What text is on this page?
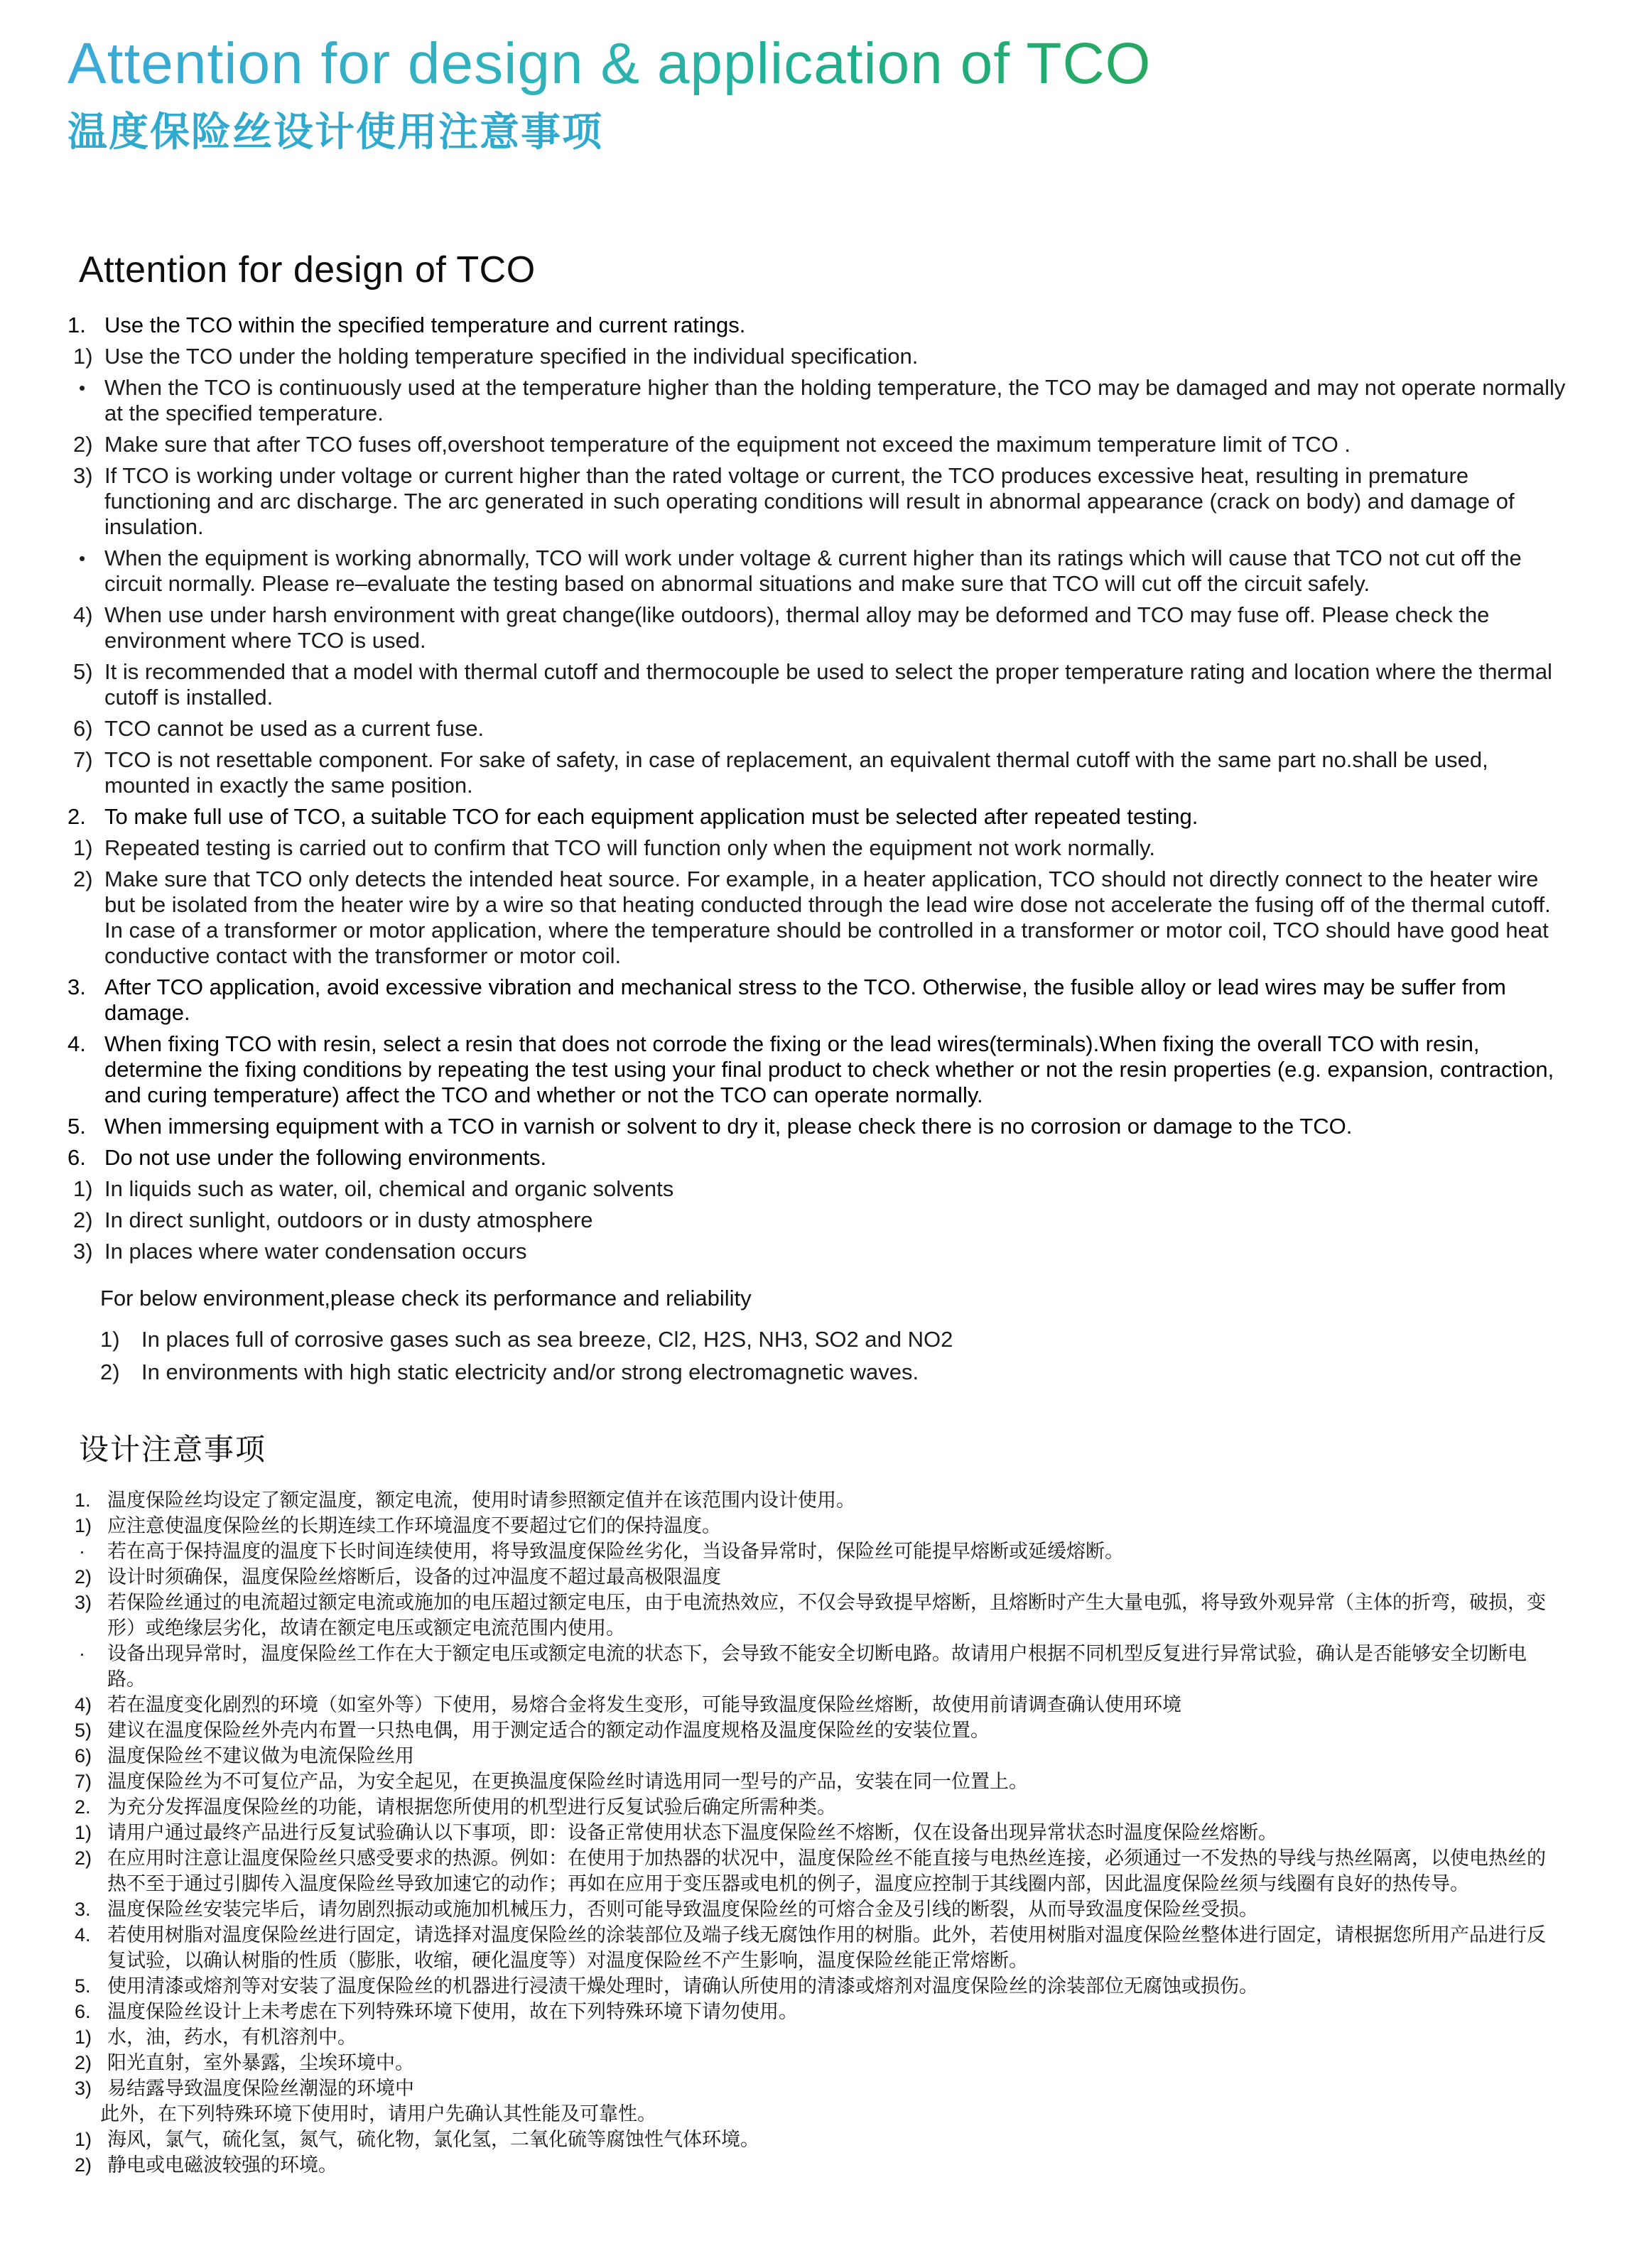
Attention for design & application of TCO
温度保险丝设计使用注意事项
Attention for design of TCO
1. Use the TCO within the specified temperature and current ratings.
1) Use the TCO under the holding temperature specified in the individual specification.
• When the TCO is continuously used at the temperature higher than the holding temperature, the TCO may be damaged and may not operate normally at the specified temperature.
2) Make sure that after TCO fuses off,overshoot temperature of the equipment not exceed the maximum temperature limit of TCO .
3) If TCO is working under voltage or current higher than the rated voltage or current, the TCO produces excessive heat, resulting in premature functioning and arc discharge. The arc generated in such operating conditions will result in abnormal appearance (crack on body) and damage of insulation.
• When the equipment is working abnormally, TCO will work under voltage & current higher than its ratings which will cause that TCO not cut off the circuit normally. Please re–evaluate the testing based on abnormal situations and make sure that TCO will cut off the circuit safely.
4) When use under harsh environment with great change(like outdoors), thermal alloy may be deformed and TCO may fuse off. Please check the environment where TCO is used.
5) It is recommended that a model with thermal cutoff and thermocouple be used to select the proper temperature rating and location where the thermal cutoff is installed.
6) TCO cannot be used as a current fuse.
7) TCO is not resettable component. For sake of safety, in case of replacement, an equivalent thermal cutoff with the same part no.shall be used, mounted in exactly the same position.
2. To make full use of TCO, a suitable TCO for each equipment application must be selected after repeated testing.
1) Repeated testing is carried out to confirm that TCO will function only when the equipment not work normally.
2) Make sure that TCO only detects the intended heat source. For example, in a heater application, TCO should not directly connect to the heater wire but be isolated from the heater wire by a wire so that heating conducted through the lead wire dose not accelerate the fusing off of the thermal cutoff. In case of a transformer or motor application, where the temperature should be controlled in a transformer or motor coil, TCO should have good heat conductive contact with the transformer or motor coil.
3. After TCO application, avoid excessive vibration and mechanical stress to the TCO. Otherwise, the fusible alloy or lead wires may be suffer from damage.
4. When fixing TCO with resin, select a resin that does not corrode the fixing or the lead wires(terminals).When fixing the overall TCO with resin, determine the fixing conditions by repeating the test using your final product to check whether or not the resin properties (e.g. expansion, contraction, and curing temperature) affect the TCO and whether or not the TCO can operate normally.
5. When immersing equipment with a TCO in varnish or solvent to dry it, please check there is no corrosion or damage to the TCO.
6. Do not use under the following environments.
1) In liquids such as water, oil, chemical and organic solvents
2) In direct sunlight, outdoors or in dusty atmosphere
3) In places where water condensation occurs
For below environment,please check its performance and reliability
1) In places full of corrosive gases such as sea breeze, Cl2, H2S, NH3, SO2 and NO2
2) In environments with high static electricity and/or strong electromagnetic waves.
设计注意事项
1. 温度保险丝均设定了额定温度，额定电流，使用时请参照额定值并在该范围内设计使用。
1) 应注意使温度保险丝的长期连续工作环境温度不要超过它们的保持温度。
·	若在高于保持温度的温度下长时间连续使用，将导致温度保险丝劣化，当设备异常时，保险丝可能提早熔断或延缓熔断。
2) 设计时须确保，温度保险丝熔断后，设备的过冲温度不超过最高极限温度
3) 若保险丝通过的电流超过额定电流或施加的电压超过额定电压，由于电流热效应，不仅会导致提早熔断，且熔断时产生大量电弧，将导致外观异常（主体的折弯，破损，变形）或绝缘层劣化，故请在额定电压或额定电流范围内使用。
·	设备出现异常时，温度保险丝工作在大于额定电压或额定电流的状态下，会导致不能安全切断电路。故请用户根据不同机型反复进行异常试验，确认是否能够安全切断电路。
4) 若在温度变化剧烈的环境（如室外等）下使用，易熔合金将发生变形，可能导致温度保险丝熔断，故使用前请调查确认使用环境
5) 建议在温度保险丝外壳内布置一只热电偶，用于测定适合的额定动作温度规格及温度保险丝的安装位置。
6) 温度保险丝不建议做为电流保险丝用
7) 温度保险丝为不可复位产品，为安全起见，在更换温度保险丝时请选用同一型号的产品，安装在同一位置上。
2. 为充分发挥温度保险丝的功能，请根据您所使用的机型进行反复试验后确定所需种类。
1) 请用户通过最终产品进行反复试验确认以下事项，即：设备正常使用状态下温度保险丝不熔断，仅在设备出现异常状态时温度保险丝熔断。
2) 在应用时注意让温度保险丝只感受要求的热源。例如：在使用于加热器的状况中，温度保险丝不能直接与电热丝连接，必须通过一不发热的导线与热丝隔离，以使电热丝的热不至于通过引脚传入温度保险丝导致加速它的动作；再如在应用于变压器或电机的例子，温度应控制于其线圈内部，因此温度保险丝须与线圈有良好的热传导。
3. 温度保险丝安装完毕后，请勿剧烈振动或施加机械压力，否则可能导致温度保险丝的可熔合金及引线的断裂，从而导致温度保险丝受损。
4. 若使用树脂对温度保险丝进行固定，请选择对温度保险丝的涂装部位及端子线无腐蚀作用的树脂。此外，若使用树脂对温度保险丝整体进行固定，请根据您所用产品进行反复试验，以确认树脂的性质（膨胀，收缩，硬化温度等）对温度保险丝不产生影响，温度保险丝能正常熔断。
5. 使用清漆或熔剂等对安装了温度保险丝的机器进行浸渍干燥处理时，请确认所使用的清漆或熔剂对温度保险丝的涂装部位无腐蚀或损伤。
6. 温度保险丝设计上未考虑在下列特殊环境下使用，故在下列特殊环境下请勿使用。
1) 水，油，药水，有机溶剂中。
2) 阳光直射，室外暴露，尘埃环境中。
3) 易结露导致温度保险丝潮湿的环境中
此外，在下列特殊环境下使用时，请用户先确认其性能及可靠性。
1) 海风，氯气，硫化氢，氮气，硫化物，氯化氢，二氧化硫等腐蚀性气体环境。
2) 静电或电磁波较强的环境。
